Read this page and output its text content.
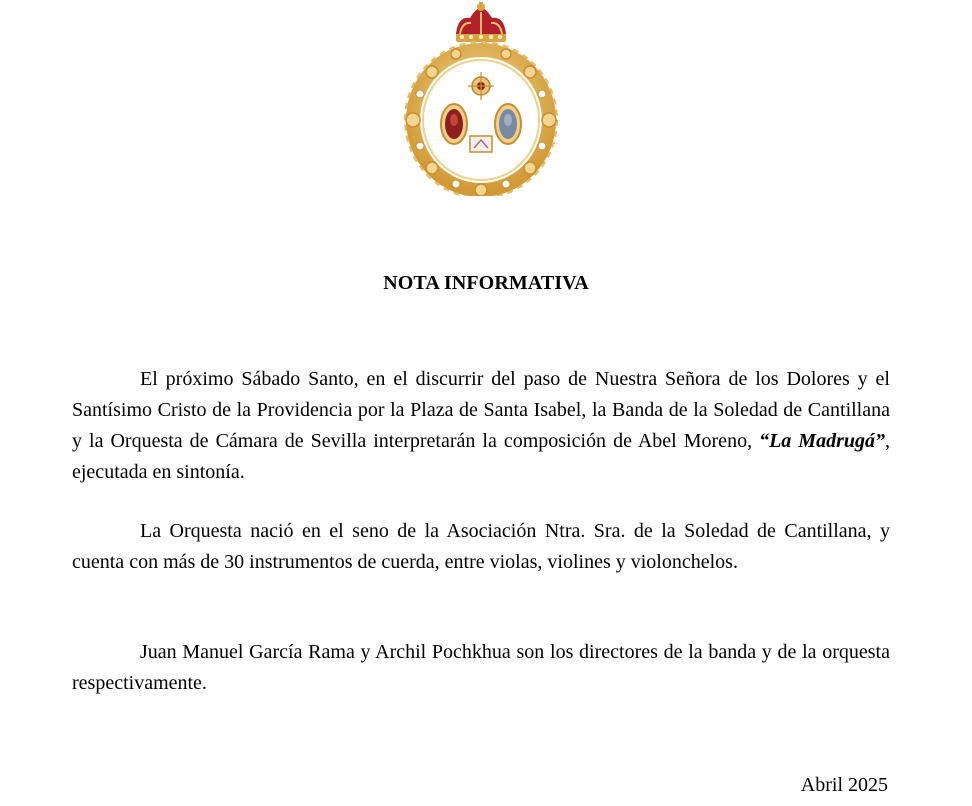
NOTA INFORMATIVA

El próximo Sábado Santo, en el discurrir del paso de Nuestra Señora de los Dolores y el Santísimo Cristo de la Providencia por la Plaza de Santa Isabel, la Banda de la Soledad de Cantillana y la Orquesta de Cámara de Sevilla interpretarán la composición de Abel Moreno, “La Madrugá”, ejecutada en sintonía.

La Orquesta nació en el seno de la Asociación Ntra. Sra. de la Soledad de Cantillana, y cuenta con más de 30 instrumentos de cuerda, entre violas, violines y violonchelos.

Juan Manuel García Rama y Archil Pochkhua son los directores de la banda y de la orquesta respectivamente.

Abril 2025
